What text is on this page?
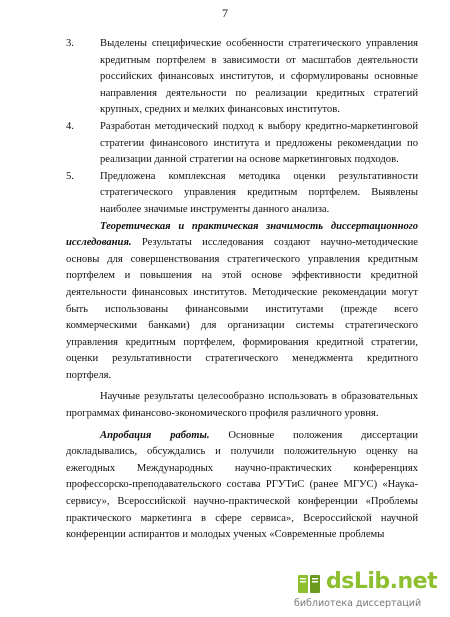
7
3.	Выделены специфические особенности стратегического управления кредитным портфелем в зависимости от масштабов деятельности российских финансовых институтов, и сформулированы основные направления деятельности по реализации кредитных стратегий крупных, средних и мелких финансовых институтов.

4.	Разработан методический подход к выбору кредитно-маркетинговой стратегии финансового института и предложены рекомендации по реализации данной стратегии на основе маркетинговых подходов.

5.	Предложена комплексная методика оценки результативности стратегического управления кредитным портфелем. Выявлены наиболее значимые инструменты данного анализа.

Теоретическая и практическая значимость диссертационного исследования. Результаты исследования создают научно-методические основы для совершенствования стратегического управления кредитным портфелем и повышения на этой основе эффективности кредитной деятельности финансовых институтов. Методические рекомендации могут быть использованы финансовыми институтами (прежде всего коммерческими банками) для организации системы стратегического управления кредитным портфелем, формирования кредитной стратегии, оценки результативности стратегического менеджмента кредитного портфеля.

Научные результаты целесообразно использовать в образовательных программах финансово-экономического профиля различного уровня.

Апробация работы. Основные положения диссертации докладывались, обсуждались и получили положительную оценку на ежегодных Международных научно-практических конференциях профессорско-преподавательского состава РГУТиС (ранее МГУС) «Наука-сервису», Всероссийской научно-практической конференции «Проблемы практического маркетинга в сфере сервиса», Всероссийской научной конференции аспирантов и молодых ученых «Современные проблемы

dsLib.net
библиотека диссертаций
